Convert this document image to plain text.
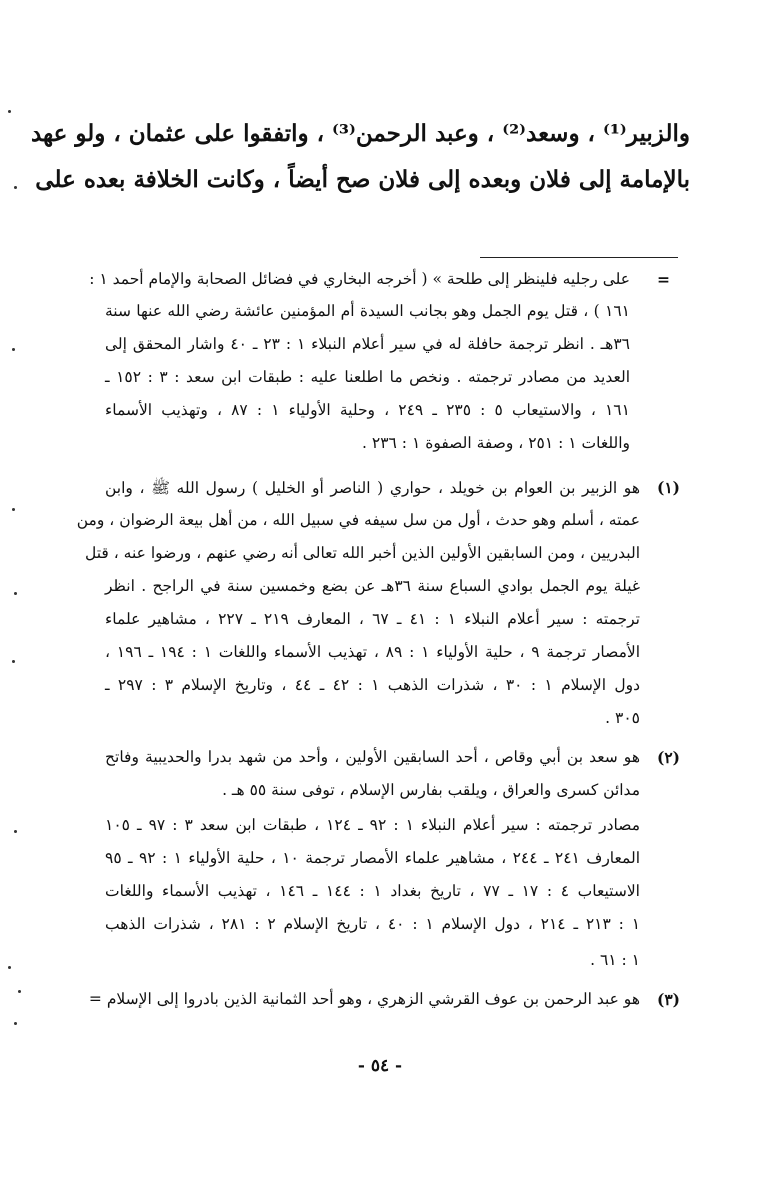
والزبير⁽¹⁾ ، وسعد⁽²⁾ ، وعبد الرحمن⁽³⁾ ، واتفقوا على عثمان ، ولو عهد
بالإمامة إلى فلان وبعده إلى فلان صح أيضاً ، وكانت الخلافة بعده على
=
على رجليه فلينظر إلى طلحة » ( أخرجه البخاري في فضائل الصحابة والإمام أحمد ١ :
١٦١ ) ، قتل يوم الجمل وهو بجانب السيدة أم المؤمنين عائشة رضي الله عنها سنة
٣٦هـ . انظر ترجمة حافلة له في سير أعلام النبلاء ١ : ٢٣ ـ ٤٠ واشار المحقق إلى
العديد من مصادر ترجمته . ونخص ما اطلعنا عليه : طبقات ابن سعد : ٣ : ١٥٢ ـ
١٦١ ، والاستيعاب ٥ : ٢٣٥ ـ ٢٤٩ ، وحلية الأولياء ١ : ٨٧ ، وتهذيب الأسماء
واللغات ١ : ٢٥١ ، وصفة الصفوة ١ : ٢٣٦ .
(١)
هو الزبير بن العوام بن خويلد ، حواري ( الناصر أو الخليل ) رسول الله ﷺ ، وابن
عمته ، أسلم وهو حدث ، أول من سل سيفه في سبيل الله ، من أهل بيعة الرضوان ، ومن
البدريين ، ومن السابقين الأولين الذين أخبر الله تعالى أنه رضي عنهم ، ورضوا عنه ، قتل
غيلة يوم الجمل بوادي السباع سنة ٣٦هـ عن بضع وخمسين سنة في الراجح . انظر
ترجمته : سير أعلام النبلاء ١ : ٤١ ـ ٦٧ ، المعارف ٢١٩ ـ ٢٢٧ ، مشاهير علماء
الأمصار ترجمة ٩ ، حلية الأولياء ١ : ٨٩ ، تهذيب الأسماء واللغات ١ : ١٩٤ ـ ١٩٦ ،
دول الإسلام ١ : ٣٠ ، شذرات الذهب ١ : ٤٢ ـ ٤٤ ، وتاريخ الإسلام ٣ : ٢٩٧ ـ
٣٠٥ .
(٢)
هو سعد بن أبي وقاص ، أحد السابقين الأولين ، وأحد من شهد بدرا والحديبية وفاتح
مدائن كسرى والعراق ، ويلقب بفارس الإسلام ، توفى سنة ٥٥ هـ .
مصادر ترجمته : سير أعلام النبلاء ١ : ٩٢ ـ ١٢٤ ، طبقات ابن سعد ٣ : ٩٧ ـ ١٠٥
المعارف ٢٤١ ـ ٢٤٤ ، مشاهير علماء الأمصار ترجمة ١٠ ، حلية الأولياء ١ : ٩٢ ـ ٩٥
الاستيعاب ٤ : ١٧ ـ ٧٧ ، تاريخ بغداد ١ : ١٤٤ ـ ١٤٦ ، تهذيب الأسماء واللغات
١ : ٢١٣ ـ ٢١٤ ، دول الإسلام ١ : ٤٠ ، تاريخ الإسلام ٢ : ٢٨١ ، شذرات الذهب
١ : ٦١ .
(٣)
هو عبد الرحمن بن عوف القرشي الزهري ، وهو أحد الثمانية الذين بادروا إلى الإسلام =
- ٥٤ -
